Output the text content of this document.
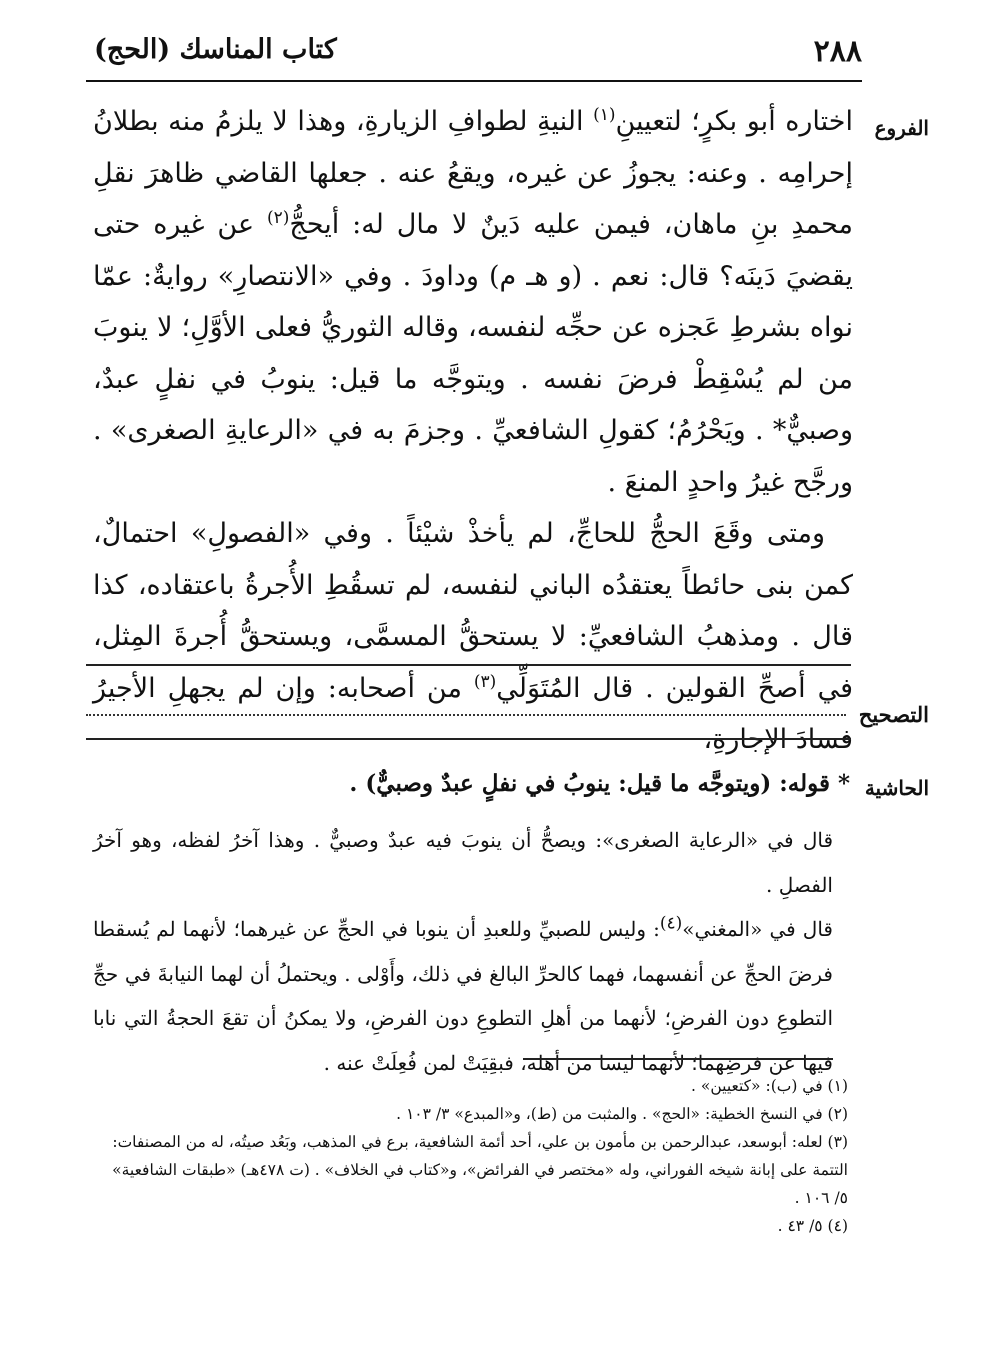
٢٨٨
كتاب المناسك (الحج)
الفروع

اختاره أبو بكرٍ؛ لتعيينِ$^{(١)}$ النيةِ لطوافِ الزيارةِ، وهذا لا يلزمُ منه بطلانُ إحرامِه . وعنه: يجوزُ عن غيره، ويقعُ عنه . جعلها القاضي ظاهرَ نقلِ محمدِ بنِ ماهان، فيمن عليه دَينٌ لا مال له: أيحجُّ$^{(٢)}$ عن غيره حتى يقضيَ دَينَه؟ قال: نعم . (و هـ م) وداودَ . وفي «الانتصارِ» روايةٌ: عمّا نواه بشرطِ عَجزه عن حجِّه لنفسه، وقاله الثوريُّ فعلى الأوَّلِ؛ لا ينوبَ من لم يُسْقِطْ فرضَ نفسه . ويتوجَّه ما قيل: ينوبُ في نفلٍ عبدٌ، وصبيٌّ* . ويَحْرُمُ؛ كقولِ الشافعيِّ . وجزمَ به في «الرعايةِ الصغرى» . ورجَّح غيرُ واحدٍ المنعَ .

ومتى وقَعَ الحجُّ للحاجِّ، لم يأخذْ شيْئاً . وفي «الفصولِ» احتمالٌ، كمن بنى حائطاً يعتقدُه الباني لنفسه، لم تسقُطِ الأُجرةُ باعتقاده، كذا قال . ومذهبُ الشافعيِّ: لا يستحقُّ المسمَّى، ويستحقُّ أُجرةَ المِثل، في أصحِّ القولين . قال المُتَوَلِّي$^{(٣)}$ من أصحابه: وإن لم يجهلِ الأجيرُ فسادَ الإجارةِ،

التصحيح
الحاشية
* قوله: (ويتوجَّه ما قيل: ينوبُ في نفلٍ عبدٌ وصبيٌّ) .

قال في «الرعاية الصغرى»: ويصحُّ أن ينوبَ فيه عبدٌ وصبيٌّ . وهذا آخرُ لفظه، وهو آخرُ الفصلِ .

قال في «المغني»$^{(٤)}$: وليس للصبيِّ وللعبدِ أن ينوبا في الحجِّ عن غيرهما؛ لأنهما لم يُسقطا فرضَ الحجِّ عن أنفسهما، فهما كالحرِّ البالغ في ذلك، وأَوْلى . ويحتملُ أن لهما النيابةَ في حجِّ التطوعِ دون الفرضِ؛ لأنهما من أهلِ التطوعِ دون الفرضِ، ولا يمكنُ أن تقعَ الحجةُ التي نابا فيها عن فرضِهما؛ لأنهما ليسا من أهله، فبقِيَتْ لمن فُعِلَتْ عنه .

(١) في (ب): «كتعيين» .

(٢) في النسخ الخطية: «الحج» . والمثبت من (ط)، و«المبدع» ٣/ ١٠٣ .

(٣) لعله: أبوسعد، عبدالرحمن بن مأمون بن علي، أحد أئمة الشافعية، برع في المذهب، وبَعُد صيتُه، له من المصنفات: التتمة على إبانة شيخه الفوراني، وله «مختصر في الفرائض»، و«كتاب في الخلاف» . (ت ٤٧٨هـ) «طبقات الشافعية» ٥/ ١٠٦ .

(٤) ٥/ ٤٣ .
